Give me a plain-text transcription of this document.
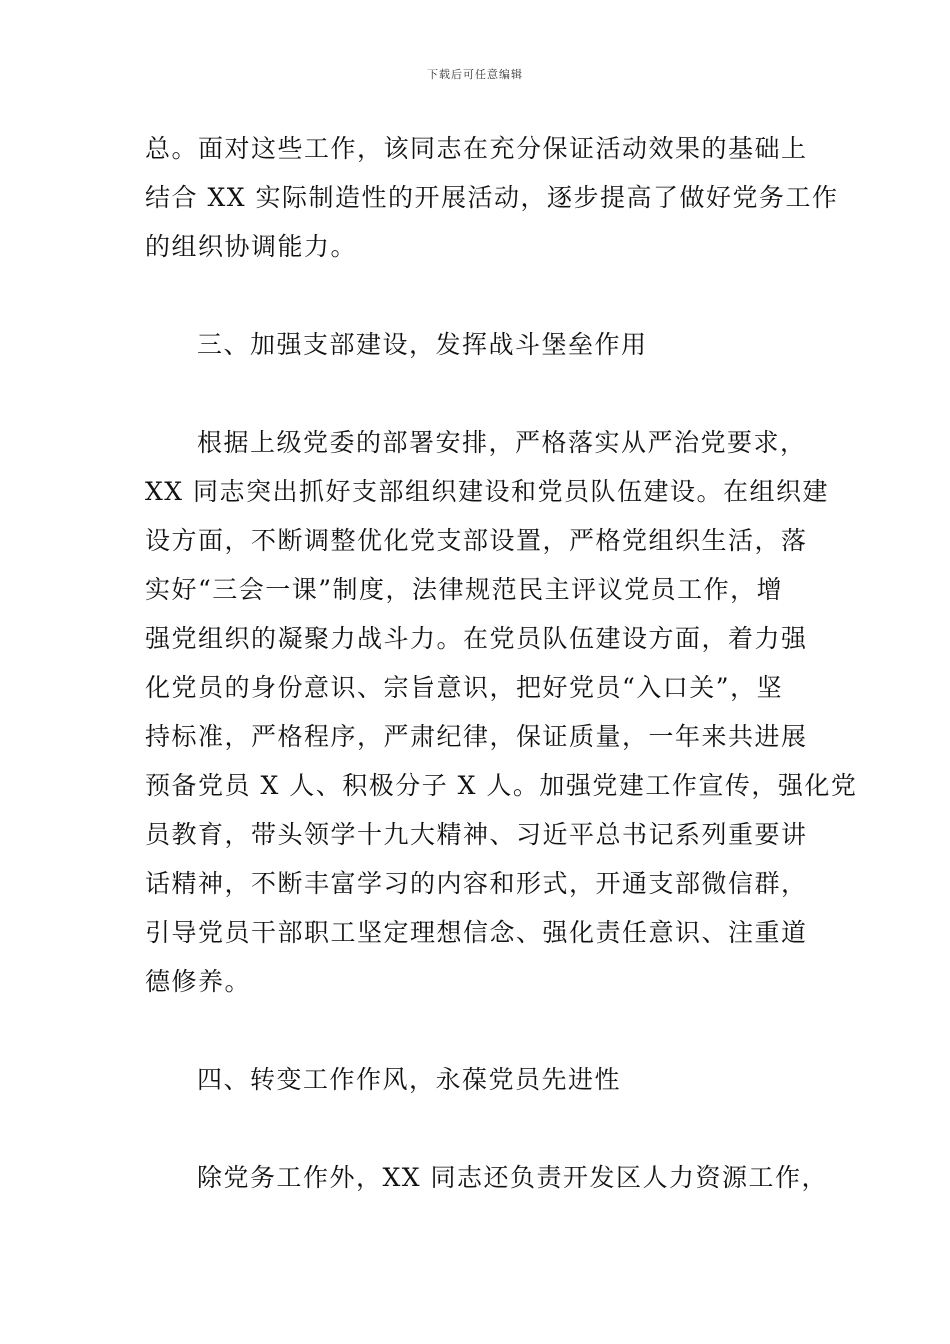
下载后可任意编辑
总。面对这些工作，该同志在充分保证活动效果的基础上
结合 XX 实际制造性的开展活动，逐步提高了做好党务工作
的组织协调能力。
三、加强支部建设，发挥战斗堡垒作用
根据上级党委的部署安排，严格落实从严治党要求，
XX 同志突出抓好支部组织建设和党员队伍建设。在组织建
设方面，不断调整优化党支部设置，严格党组织生活，落
实好“三会一课”制度，法律规范民主评议党员工作，增
强党组织的凝聚力战斗力。在党员队伍建设方面，着力强
化党员的身份意识、宗旨意识，把好党员“入口关”，坚
持标准，严格程序，严肃纪律，保证质量，一年来共进展
预备党员 X 人、积极分子 X 人。加强党建工作宣传，强化党
员教育，带头领学十九大精神、习近平总书记系列重要讲
话精神，不断丰富学习的内容和形式，开通支部微信群，
引导党员干部职工坚定理想信念、强化责任意识、注重道
德修养。
四、转变工作作风，永葆党员先进性
除党务工作外，XX 同志还负责开发区人力资源工作，
